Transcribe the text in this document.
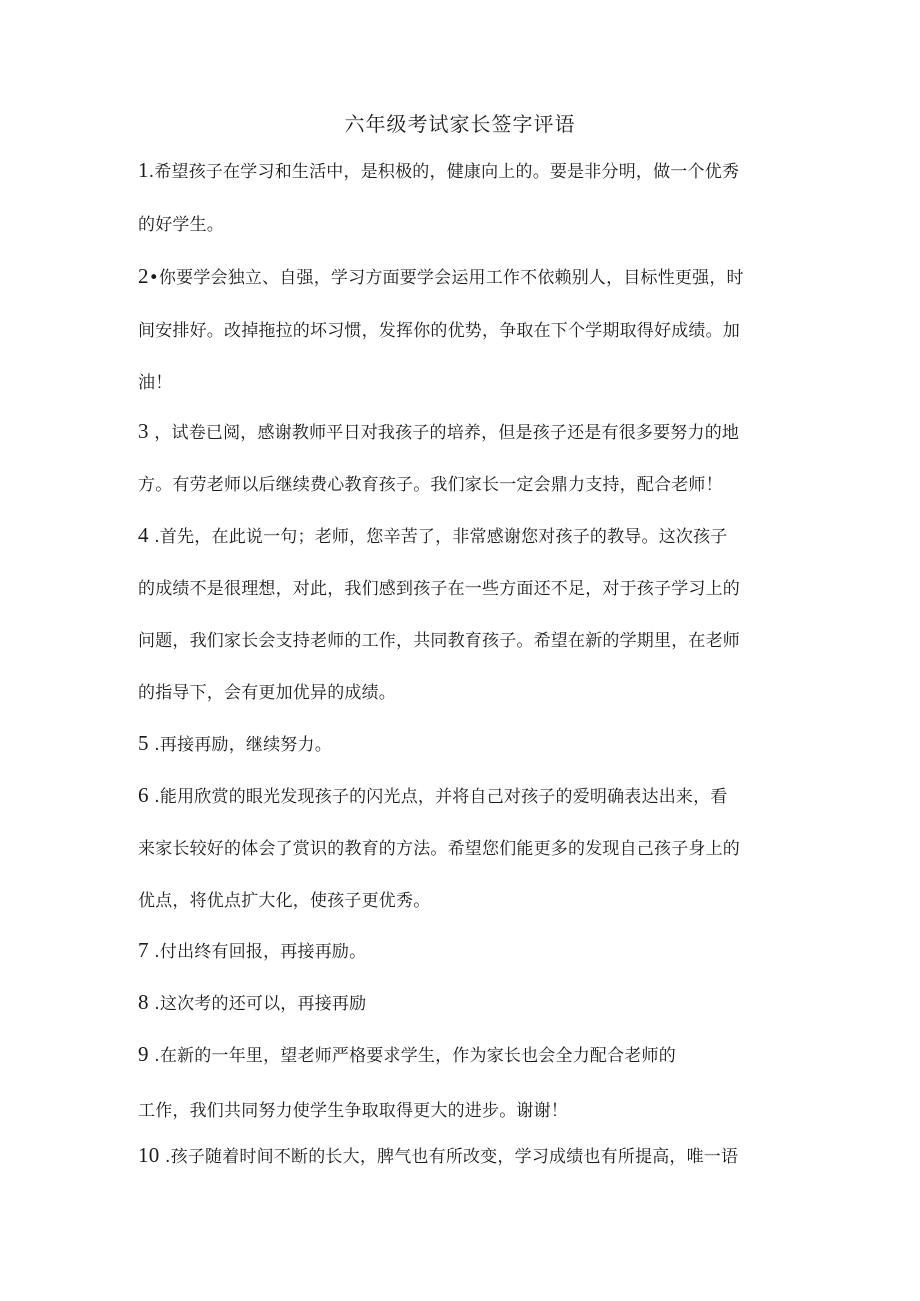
六年级考试家长签字评语
1.希望孩子在学习和生活中，是积极的，健康向上的。要是非分明，做一个优秀
的好学生。
2•你要学会独立、自强，学习方面要学会运用工作不依赖别人，目标性更强，时
间安排好。改掉拖拉的坏习惯，发挥你的优势，争取在下个学期取得好成绩。加
油！
3 ，试卷已阅，感谢教师平日对我孩子的培养，但是孩子还是有很多要努力的地
方。有劳老师以后继续费心教育孩子。我们家长一定会鼎力支持，配合老师！
4 .首先，在此说一句；老师，您辛苦了，非常感谢您对孩子的教导。这次孩子
的成绩不是很理想，对此，我们感到孩子在一些方面还不足，对于孩子学习上的
问题，我们家长会支持老师的工作，共同教育孩子。希望在新的学期里，在老师
的指导下，会有更加优异的成绩。
5 .再接再励，继续努力。
6 .能用欣赏的眼光发现孩子的闪光点，并将自己对孩子的爱明确表达出来，看
来家长较好的体会了赏识的教育的方法。希望您们能更多的发现自己孩子身上的
优点，将优点扩大化，使孩子更优秀。
7 .付出终有回报，再接再励。
8 .这次考的还可以，再接再励
9 .在新的一年里，望老师严格要求学生，作为家长也会全力配合老师的
工作，我们共同努力使学生争取取得更大的进步。谢谢！
10 .孩子随着时间不断的长大，脾气也有所改变，学习成绩也有所提高，唯一语
